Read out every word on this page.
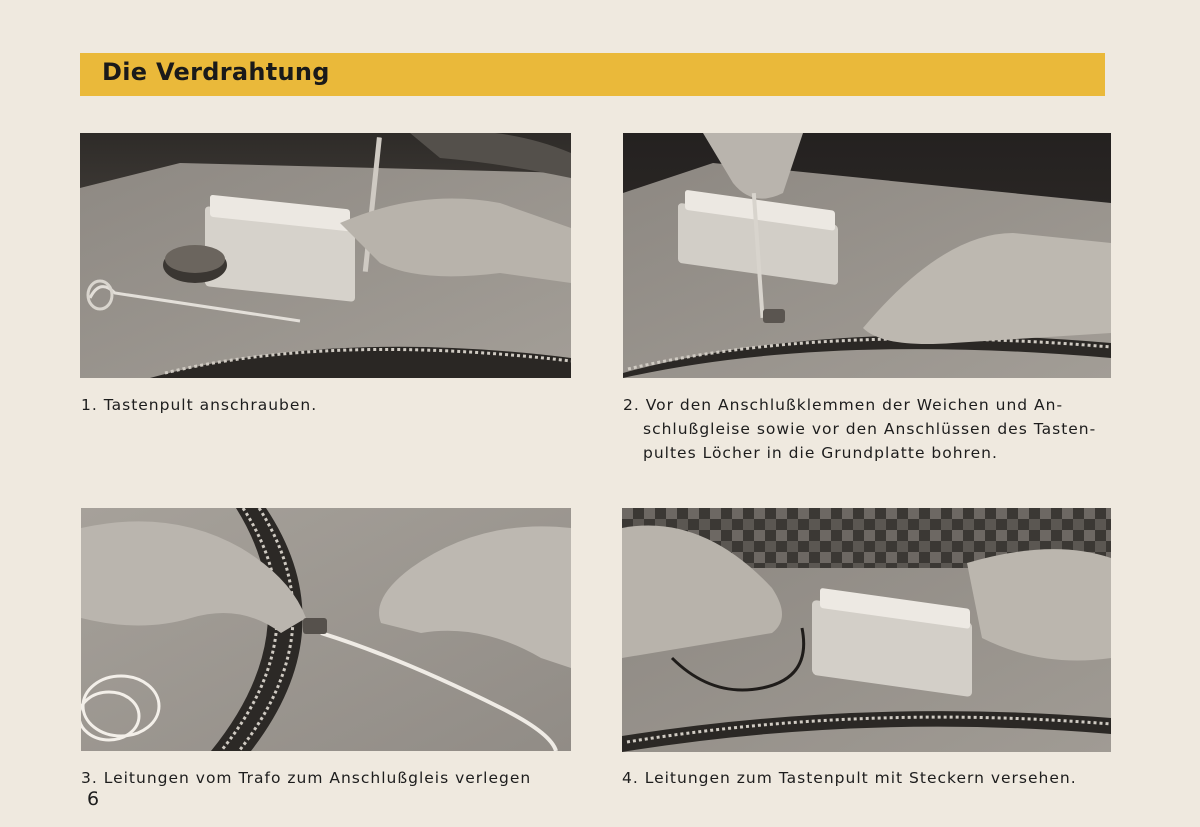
Die Verdrahtung

1. Tastenpult anschrauben.	2. Vor den Anschlußklemmen der Weichen und An-
schlußgleise sowie vor den Anschlüssen des Tasten-
pultes Löcher in die Grundplatte bohren.

3. Leitungen vom Trafo zum Anschlußgleis verlegen	4. Leitungen zum Tastenpult mit Steckern versehen.

6
